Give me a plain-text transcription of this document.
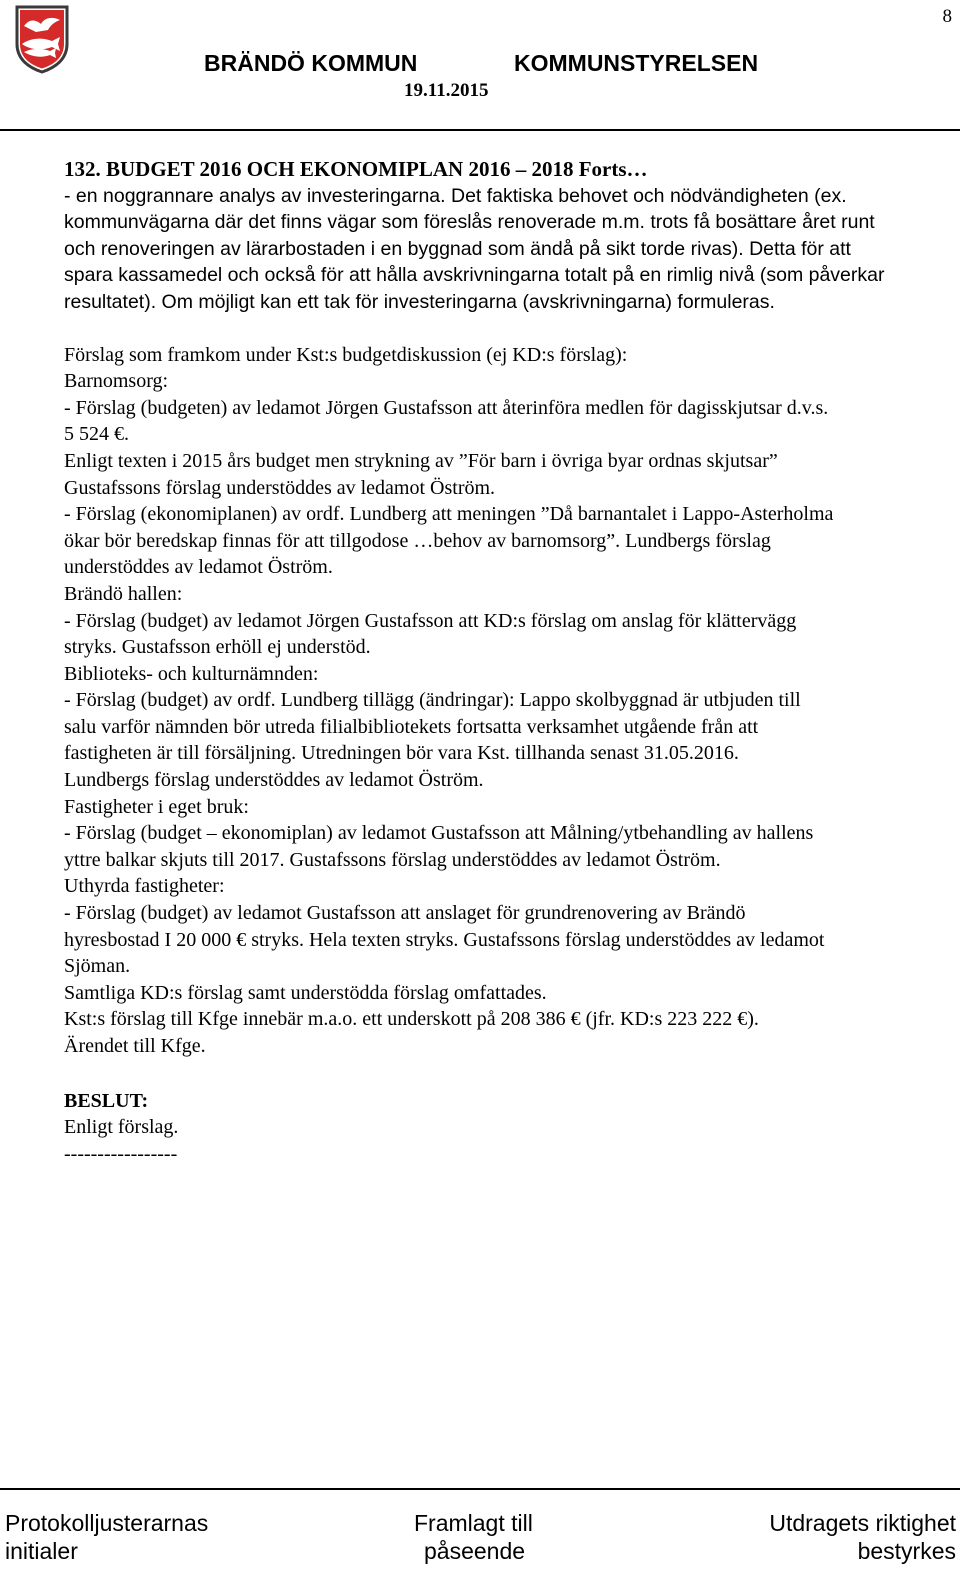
8
BRÄNDÖ KOMMUN	KOMMUNSTYRELSEN
19.11.2015
132. BUDGET 2016 OCH EKONOMIPLAN 2016 – 2018 Forts…
- en noggrannare analys av investeringarna. Det faktiska behovet och nödvändigheten (ex.
kommunvägarna där det finns vägar som föreslås renoverade m.m. trots få bosättare året runt
och renoveringen av lärarbostaden i en byggnad som ändå på sikt torde rivas). Detta för att
spara kassamedel och också för att hålla avskrivningarna totalt på en rimlig nivå (som påverkar
resultatet). Om möjligt kan ett tak för investeringarna (avskrivningarna) formuleras.
Förslag som framkom under Kst:s budgetdiskussion (ej KD:s förslag):
Barnomsorg:
- Förslag (budgeten) av ledamot Jörgen Gustafsson att återinföra medlen för dagisskjutsar d.v.s.
5 524 €.
Enligt texten i 2015 års budget men strykning av ”För barn i övriga byar ordnas skjutsar”
Gustafssons förslag understöddes av ledamot Öström.
- Förslag (ekonomiplanen) av ordf. Lundberg att meningen ”Då barnantalet i Lappo-Asterholma
ökar bör beredskap finnas för att tillgodose …behov av barnomsorg”. Lundbergs förslag
understöddes av ledamot Öström.
Brändö hallen:
- Förslag (budget) av ledamot Jörgen Gustafsson att KD:s förslag om anslag för klättervägg
stryks. Gustafsson erhöll ej understöd.
Biblioteks- och kulturnämnden:
- Förslag (budget) av ordf. Lundberg tillägg (ändringar): Lappo skolbyggnad är utbjuden till
salu varför nämnden bör utreda filialbibliotekets fortsatta verksamhet utgående från att
fastigheten är till försäljning. Utredningen bör vara Kst. tillhanda senast 31.05.2016.
Lundbergs förslag understöddes av ledamot Öström.
Fastigheter i eget bruk:
- Förslag (budget – ekonomiplan) av ledamot Gustafsson att Målning/ytbehandling av hallens
yttre balkar skjuts till 2017. Gustafssons förslag understöddes av ledamot Öström.
Uthyrda fastigheter:
- Förslag (budget) av ledamot Gustafsson att anslaget för grundrenovering av Brändö
hyresbostad I 20 000 € stryks. Hela texten stryks. Gustafssons förslag understöddes av ledamot
Sjöman.
Samtliga KD:s förslag samt understödda förslag omfattades.
Kst:s förslag till Kfge innebär m.a.o. ett underskott på 208 386 € (jfr. KD:s 223 222 €).
Ärendet till Kfge.
BESLUT:
Enligt förslag.
-----------------
Protokolljusterarnas
initialer
Framlagt till
påseende
Utdragets riktighet
bestyrkes
